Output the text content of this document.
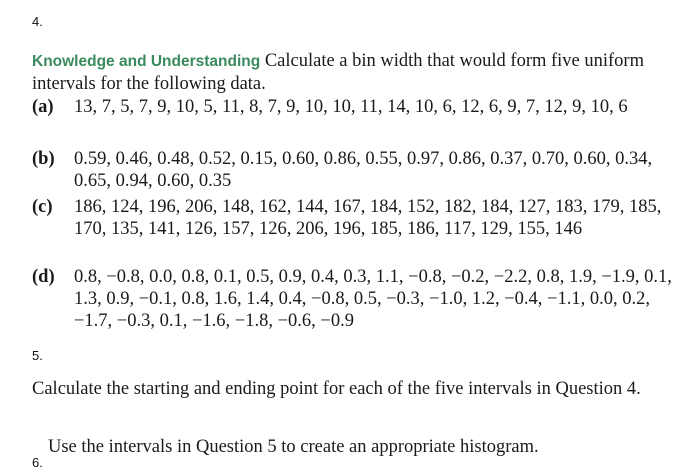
4.
Knowledge and Understanding Calculate a bin width that would form five uniform intervals for the following data.
(a) 13, 7, 5, 7, 9, 10, 5, 11, 8, 7, 9, 10, 10, 11, 14, 10, 6, 12, 6, 9, 7, 12, 9, 10, 6
(b) 0.59, 0.46, 0.48, 0.52, 0.15, 0.60, 0.86, 0.55, 0.97, 0.86, 0.37, 0.70, 0.60, 0.34, 0.65, 0.94, 0.60, 0.35
(c) 186, 124, 196, 206, 148, 162, 144, 167, 184, 152, 182, 184, 127, 183, 179, 185, 170, 135, 141, 126, 157, 126, 206, 196, 185, 186, 117, 129, 155, 146
(d) 0.8, −0.8, 0.0, 0.8, 0.1, 0.5, 0.9, 0.4, 0.3, 1.1, −0.8, −0.2, −2.2, 0.8, 1.9, −1.9, 0.1, 1.3, 0.9, −0.1, 0.8, 1.6, 1.4, 0.4, −0.8, 0.5, −0.3, −1.0, 1.2, −0.4, −1.1, 0.0, 0.2, −1.7, −0.3, 0.1, −1.6, −1.8, −0.6, −0.9
5.
Calculate the starting and ending point for each of the five intervals in Question 4.
6.
Use the intervals in Question 5 to create an appropriate histogram.
